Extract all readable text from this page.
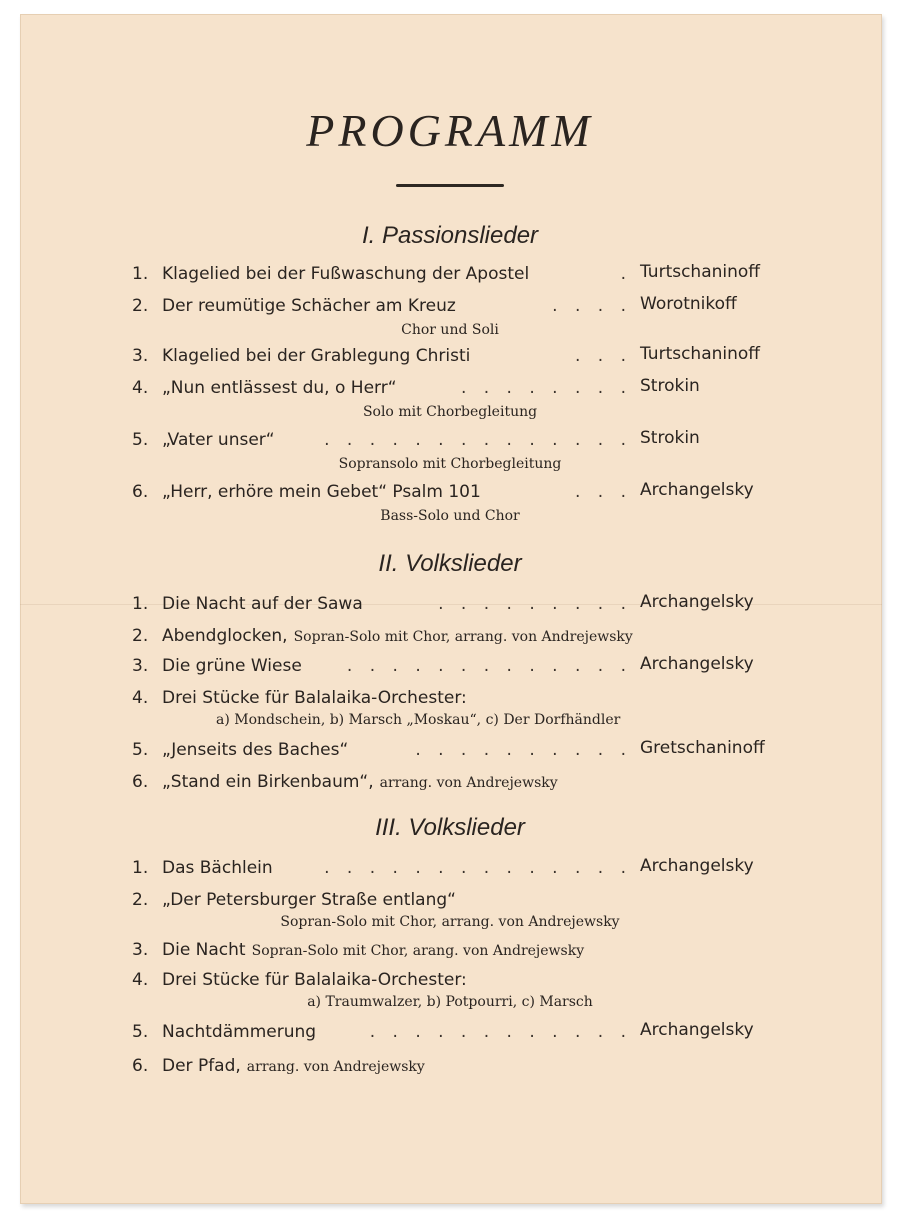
PROGRAMM
I. Passionslieder
1. Klagelied bei der Fußwaschung der Apostel	. Turtschaninoff
2. Der reumütige Schächer am Kreuz	. . . . Worotnikoff
Chor und Soli
3. Klagelied bei der Grablegung Christi	. . . Turtschaninoff
4. „Nun entlässest du, o Herr“	. . . . . . . . Strokin
Solo mit Chorbegleitung
5. „Vater unser“	. . . . . . . . . . . . . . Strokin
Sopransolo mit Chorbegleitung
6. „Herr, erhöre mein Gebet“ Psalm 101	. . . Archangelsky
Bass-Solo und Chor
II. Volkslieder
1. Die Nacht auf der Sawa	. . . . . . . . . Archangelsky
2. Abendglocken, Sopran-Solo mit Chor, arrang. von Andrejewsky
3. Die grüne Wiese	. . . . . . . . . . . . . Archangelsky
4. Drei Stücke für Balalaika-Orchester:
a) Mondschein, b) Marsch „Moskau“, c) Der Dorfhändler
5. „Jenseits des Baches“	. . . . . . . . . . Gretschaninoff
6. „Stand ein Birkenbaum“, arrang. von Andrejewsky
III. Volkslieder
1. Das Bächlein	. . . . . . . . . . . . . . Archangelsky
2. „Der Petersburger Straße entlang“
Sopran-Solo mit Chor, arrang. von Andrejewsky
3. Die Nacht Sopran-Solo mit Chor, arang. von Andrejewsky
4. Drei Stücke für Balalaika-Orchester:
a) Traumwalzer, b) Potpourri, c) Marsch
5. Nachtdämmerung	. . . . . . . . . . . . Archangelsky
6. Der Pfad, arrang. von Andrejewsky
